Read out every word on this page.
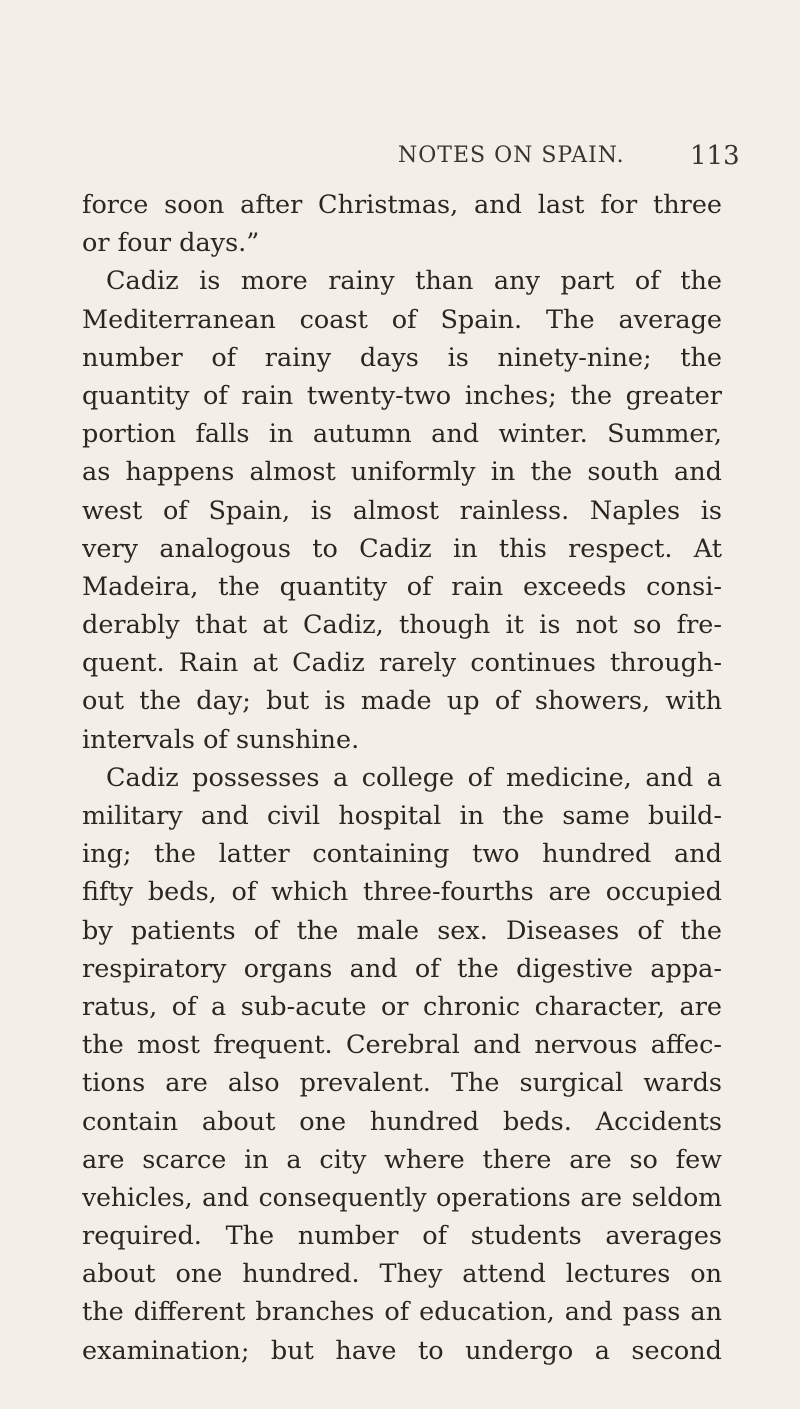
NOTES ON SPAIN.	113
force soon after Christmas, and last for three
or four days.”
Cadiz is more rainy than any part of the
Mediterranean coast of Spain. The average
number of rainy days is ninety-nine; the
quantity of rain twenty-two inches; the greater
portion falls in autumn and winter. Summer,
as happens almost uniformly in the south and
west of Spain, is almost rainless. Naples is
very analogous to Cadiz in this respect. At
Madeira, the quantity of rain exceeds consi-
derably that at Cadiz, though it is not so fre-
quent. Rain at Cadiz rarely continues through-
out the day; but is made up of showers, with
intervals of sunshine.
Cadiz possesses a college of medicine, and a
military and civil hospital in the same build-
ing; the latter containing two hundred and
fifty beds, of which three-fourths are occupied
by patients of the male sex. Diseases of the
respiratory organs and of the digestive appa-
ratus, of a sub-acute or chronic character, are
the most frequent. Cerebral and nervous affec-
tions are also prevalent. The surgical wards
contain about one hundred beds. Accidents
are scarce in a city where there are so few
vehicles, and consequently operations are seldom
required. The number of students averages
about one hundred. They attend lectures on
the different branches of education, and pass an
examination; but have to undergo a second
